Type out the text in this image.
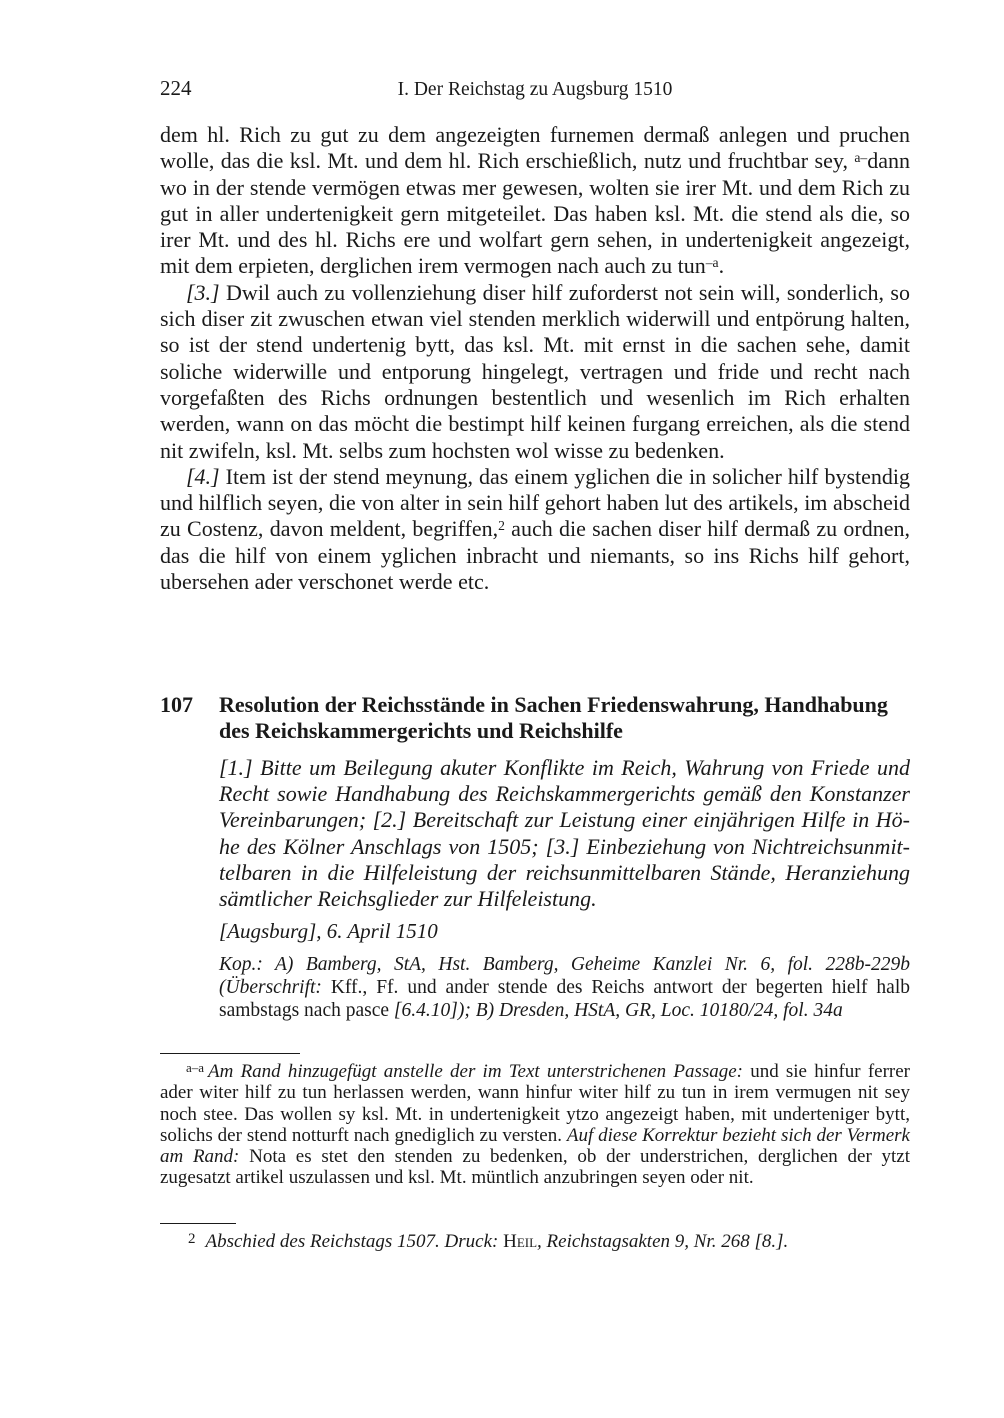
224	I. Der Reichstag zu Augsburg 1510

dem hl. Rich zu gut zu dem angezeigten furnemen dermaß anlegen und pruchen wolle, das die ksl. Mt. und dem hl. Rich erschießlich, nutz und fruchtbar sey, $^{a-}$dann wo in der stende vermögen etwas mer gewesen, wolten sie irer Mt. und dem Rich zu gut in aller undertenigkeit gern mitgeteilet. Das haben ksl. Mt. die stend als die, so irer Mt. und des hl. Richs ere und wolfart gern sehen, in undertenigkeit angezeigt, mit dem erpieten, derglichen irem vermogen nach auch zu tun$^{-a}$.

[3.] Dwil auch zu vollenziehung diser hilf zuforderst not sein will, sonderlich, so sich diser zit zwuschen etwan viel stenden merklich widerwill und entpörung halten, so ist der stend undertenig bytt, das ksl. Mt. mit ernst in die sachen sehe, damit soliche widerwille und entporung hingelegt, vertragen und fride und recht nach vorgefaßten des Richs ordnungen bestentlich und wesenlich im Rich erhalten werden, wann on das möcht die bestimpt hilf keinen furgang erreichen, als die stend nit zwifeln, ksl. Mt. selbs zum hochsten wol wisse zu bedenken.

[4.] Item ist der stend meynung, das einem yglichen die in solicher hilf bystendig und hilflich seyen, die von alter in sein hilf gehort haben lut des artikels, im abscheid zu Costenz, davon meldent, begriffen,$^2$ auch die sachen diser hilf dermaß zu ordnen, das die hilf von einem yglichen inbracht und niemants, so ins Richs hilf gehort, ubersehen ader verschonet werde etc.

107 Resolution der Reichsstände in Sachen Friedenswahrung, Handhabung des Reichskammergerichts und Reichshilfe

[1.] Bitte um Beilegung akuter Konflikte im Reich, Wahrung von Friede und Recht sowie Handhabung des Reichskammergerichts gemäß den Konstanzer Vereinbarungen; [2.] Bereitschaft zur Leistung einer einjährigen Hilfe in Höhe des Kölner Anschlags von 1505; [3.] Einbeziehung von Nichtreichsunmittelbaren in die Hilfeleistung der reichsunmittelbaren Stände, Heranziehung sämtlicher Reichsglieder zur Hilfeleistung.

[Augsburg], 6. April 1510

Kop.: A) Bamberg, StA, Hst. Bamberg, Geheime Kanzlei Nr. 6, fol. 228b-229b (Überschrift: Kff., Ff. und ander stende des Reichs antwort der begerten hielf halb sambstags nach pasce [6.4.10]); B) Dresden, HStA, GR, Loc. 10180/24, fol. 34a

a–a Am Rand hinzugefügt anstelle der im Text unterstrichenen Passage: und sie hinfur ferrer ader witer hilf zu tun herlassen werden, wann hinfur witer hilf zu tun in irem vermugen nit sey noch stee. Das wollen sy ksl. Mt. in undertenigkeit ytzo angezeigt haben, mit underteniger bytt, solichs der stend notturft nach gnediglich zu versten. Auf diese Korrektur bezieht sich der Vermerk am Rand: Nota es stet den stenden zu bedenken, ob der understrichen, derglichen der ytzt zugesatzt artikel uszulassen und ksl. Mt. müntlich anzubringen seyen oder nit.

2 Abschied des Reichstags 1507. Druck: Heil, Reichstagsakten 9, Nr. 268 [8.].
